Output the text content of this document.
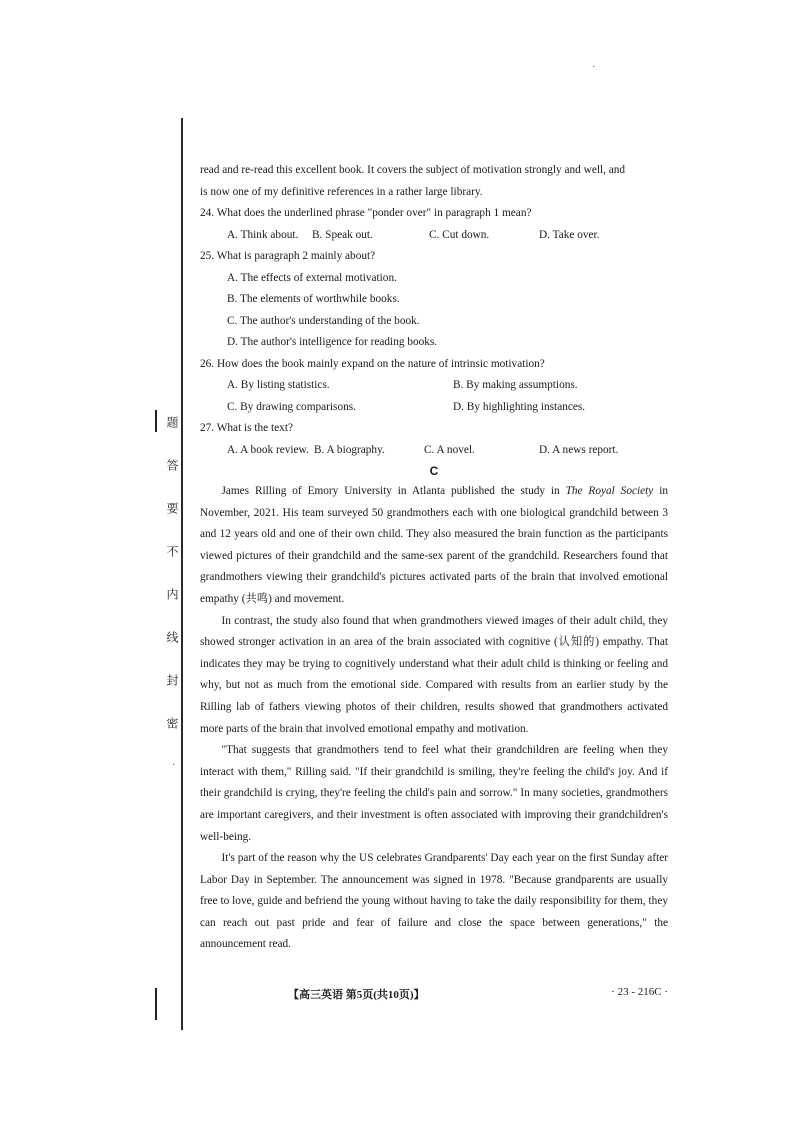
·
·
题
答
要
不
内
线
封
密
read and re-read this excellent book. It covers the subject of motivation strongly and well, and
is now one of my definitive references in a rather large library.
24. What does the underlined phrase "ponder over" in paragraph 1 mean?
A. Think about.	B. Speak out.	C. Cut down.	D. Take over.
25. What is paragraph 2 mainly about?
A. The effects of external motivation.
B. The elements of worthwhile books.
C. The author's understanding of the book.
D. The author's intelligence for reading books.
26. How does the book mainly expand on the nature of intrinsic motivation?
A. By listing statistics.	B. By making assumptions.
C. By drawing comparisons.	D. By highlighting instances.
27. What is the text?
A. A book review. B. A biography.	C. A novel.	D. A news report.
C
James Rilling of Emory University in Atlanta published the study in The Royal Society in November, 2021. His team surveyed 50 grandmothers each with one biological grandchild between 3 and 12 years old and one of their own child. They also measured the brain function as the participants viewed pictures of their grandchild and the same-sex parent of the grandchild. Researchers found that grandmothers viewing their grandchild's pictures activated parts of the brain that involved emotional empathy (共鸣) and movement.
In contrast, the study also found that when grandmothers viewed images of their adult child, they showed stronger activation in an area of the brain associated with cognitive (认知的) empathy. That indicates they may be trying to cognitively understand what their adult child is thinking or feeling and why, but not as much from the emotional side. Compared with results from an earlier study by the Rilling lab of fathers viewing photos of their children, results showed that grandmothers activated more parts of the brain that involved emotional empathy and motivation.
"That suggests that grandmothers tend to feel what their grandchildren are feeling when they interact with them," Rilling said. "If their grandchild is smiling, they're feeling the child's joy. And if their grandchild is crying, they're feeling the child's pain and sorrow." In many societies, grandmothers are important caregivers, and their investment is often associated with improving their grandchildren's well-being.
It's part of the reason why the US celebrates Grandparents' Day each year on the first Sunday after Labor Day in September. The announcement was signed in 1978. "Because grandparents are usually free to love, guide and befriend the young without having to take the daily responsibility for them, they can reach out past pride and fear of failure and close the space between generations," the announcement read.
【高三英语 第5页(共10页)】	· 23 - 216C ·
